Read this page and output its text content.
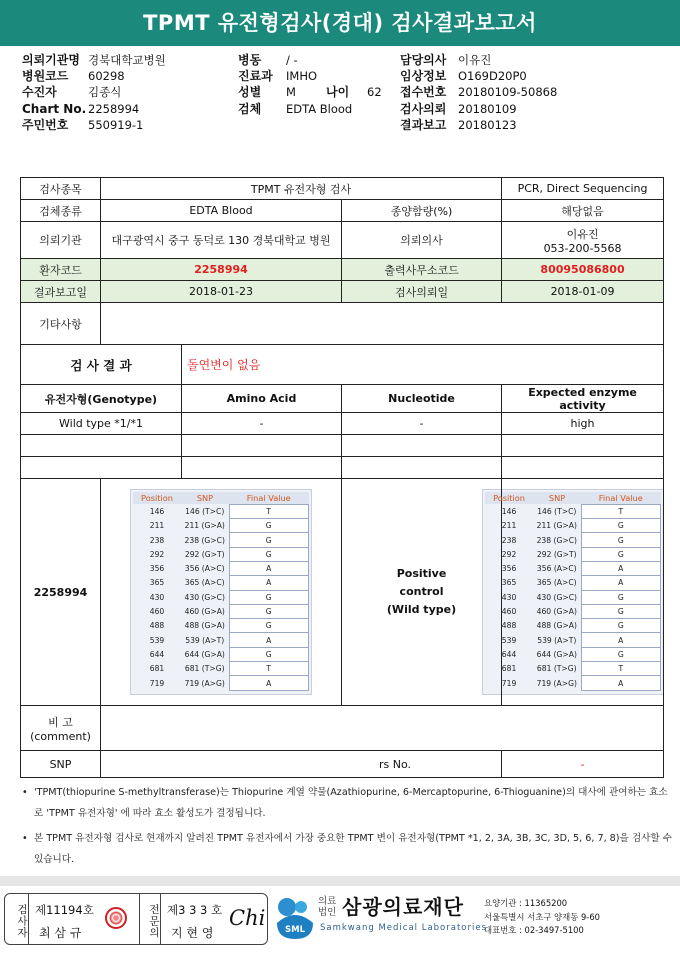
TPMT 유전형검사(경대) 검사결과보고서
의뢰기관명 경북대학교병원
병원코드	60298
수진자	김종식
Chart No. 2258994
주민번호	550919-1
병동	/ -
진료과	IMHO
성별	M
검체	EDTA Blood
나이 62
담당의사	이유진
임상정보	O169D20P0
접수번호	20180109-50868
검사의뢰	20180109
결과보고	20180123
검사종목	TPMT 유전자형 검사	PCR, Direct Sequencing
검체종류	EDTA Blood	종양함량(%)	해당없음
의뢰기관	대구광역시 중구 동덕로 130 경북대학교 병원	의뢰의사	이유진
053-200-5568

환자코드	2258994	출력사무소코드	80095086800
결과보고일	2018-01-23	검사의뢰일	2018-01-09
기타사항	
검 사 결 과	돌연변이 없음
유전자형(Genotype)	Amino Acid	Nucleotide	Expected enzyme activity
Wild type *1/*1	-	-	high

2258994	
Position	SNP	Final Value
146	146 (T>C)	T
211	211 (G>A)	G
238	238 (G>C)	G
292	292 (G>T)	G
356	356 (A>C)	A
365	365 (A>C)	A
430	430 (G>C)	G
460	460 (G>A)	G
488	488 (G>A)	G
539	539 (A>T)	A
644	644 (G>A)	G
681	681 (T>G)	T
719	719 (A>G)	A

Positive
control
(Wild type)

Position	SNP	Final Value
146	146 (T>C)	T
211	211 (G>A)	G
238	238 (G>C)	G
292	292 (G>T)	G
356	356 (A>C)	A
365	365 (A>C)	A
430	430 (G>C)	G
460	460 (G>A)	G
488	488 (G>A)	G
539	539 (A>T)	A
644	644 (G>A)	G
681	681 (T>G)	T
719	719 (A>G)	A

비 고
(comment)

SNP	rs No.	-

• 'TPMT(thiopurine S-methyltransferase)는 Thiopurine 계열 약물(Azathiopurine, 6-Mercaptopurine, 6-Thioguanine)의 대사에 관여하는 효소로 'TPMT 유전자형' 에 따라 효소 활성도가 결정됩니다.

• 본 TPMT 유전자형 검사로 현재까지 알려진 TPMT 유전자에서 가장 중요한 TPMT 변이 유전자형(TPMT *1, 2, 3A, 3B, 3C, 3D, 5, 6, 7, 8)을 검사할 수 있습니다.

검사자 제11194호
최 삼 규	전문의 제3 3 3 호
지 현 영
Chi SML
의료
법인 삼광의료재단
Samkwang Medical Laboratories
요양기관 : 11365200
서울특별시 서초구 양재동 9-60
대표번호 : 02-3497-5100
